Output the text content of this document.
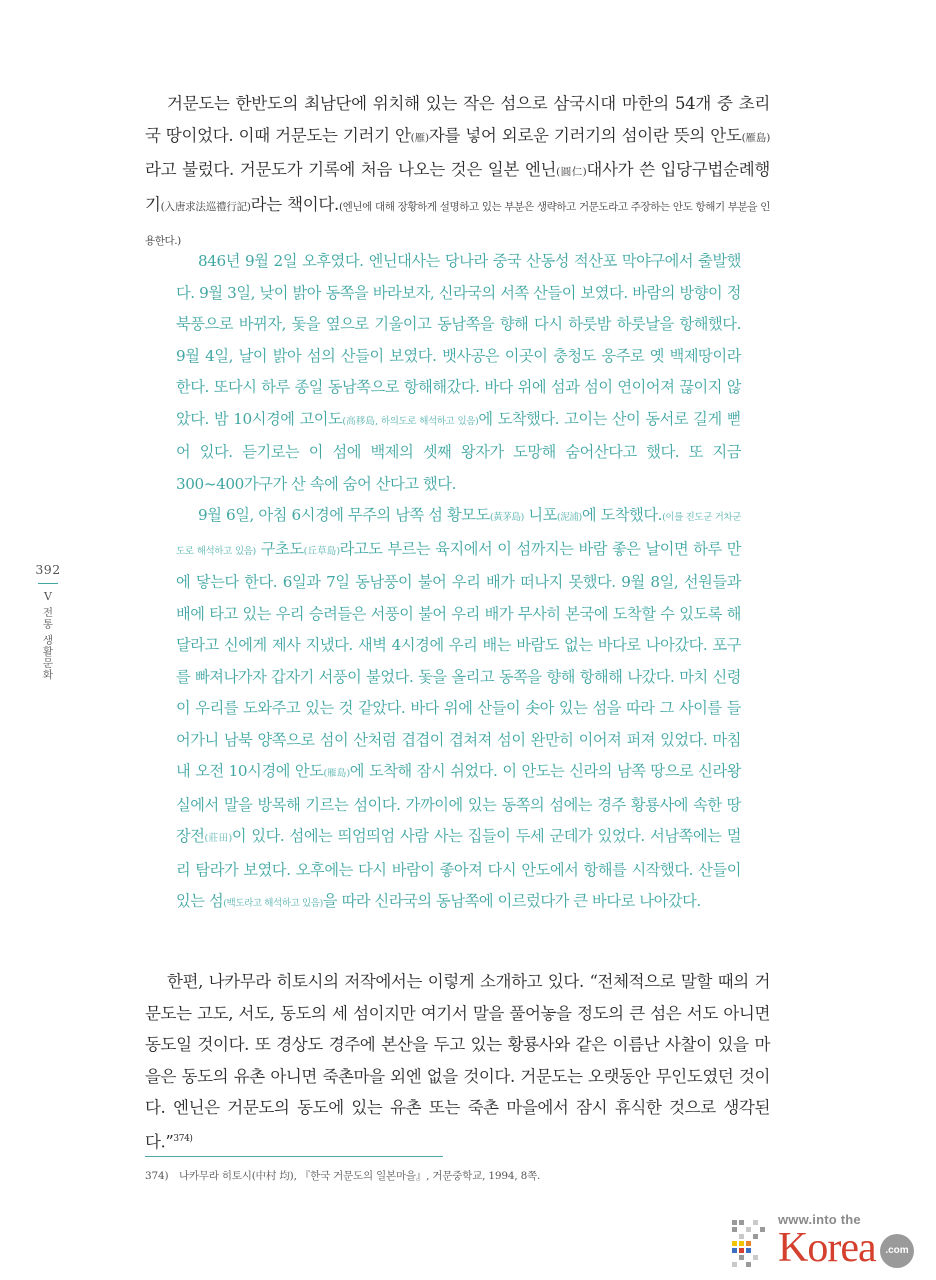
거문도는 한반도의 최남단에 위치해 있는 작은 섬으로 삼국시대 마한의 54개 중 초리국 땅이었다. 이때 거문도는 기러기 안(雁)자를 넣어 외로운 기러기의 섬이란 뜻의 안도(雁島)라고 불렀다. 거문도가 기록에 처음 나오는 것은 일본 엔닌(圓仁)대사가 쓴 입당구법순례행기(入唐求法巡禮行記)라는 책이다.(엔닌에 대해 장황하게 설명하고 있는 부분은 생략하고 거문도라고 주장하는 안도 항해기 부분을 인용한다.)

846년 9월 2일 오후였다. 엔닌대사는 당나라 중국 산동성 적산포 막야구에서 출발했다. 9월 3일, 낮이 밝아 동쪽을 바라보자, 신라국의 서쪽 산들이 보였다. 바람의 방향이 정북풍으로 바뀌자, 돛을 옆으로 기울이고 동남쪽을 향해 다시 하룻밤 하룻날을 항해했다. 9월 4일, 날이 밝아 섬의 산들이 보였다. 뱃사공은 이곳이 충청도 웅주로 옛 백제땅이라 한다. 또다시 하루 종일 동남쪽으로 항해해갔다. 바다 위에 섬과 섬이 연이어져 끊이지 않았다. 밤 10시경에 고이도(高移島, 하의도로 해석하고 있음)에 도착했다. 고이는 산이 동서로 길게 뻗어 있다. 듣기로는 이 섬에 백제의 셋째 왕자가 도망해 숨어산다고 했다. 또 지금 300~400가구가 산 속에 숨어 산다고 했다.

9월 6일, 아침 6시경에 무주의 남쪽 섬 황모도(黃茅島) 니포(泥浦)에 도착했다.(이를 진도군 거차군도로 해석하고 있음) 구초도(丘草島)라고도 부르는 육지에서 이 섬까지는 바람 좋은 날이면 하루 만에 닿는다 한다. 6일과 7일 동남풍이 불어 우리 배가 떠나지 못했다. 9월 8일, 선원들과 배에 타고 있는 우리 승려들은 서풍이 불어 우리 배가 무사히 본국에 도착할 수 있도록 해달라고 신에게 제사 지냈다. 새벽 4시경에 우리 배는 바람도 없는 바다로 나아갔다. 포구를 빠져나가자 갑자기 서풍이 불었다. 돛을 올리고 동쪽을 향해 항해해 나갔다. 마치 신령이 우리를 도와주고 있는 것 같았다. 바다 위에 산들이 솟아 있는 섬을 따라 그 사이를 들어가니 남북 양쪽으로 섬이 산처럼 겹겹이 겹쳐져 섬이 완만히 이어져 퍼져 있었다. 마침내 오전 10시경에 안도(雁島)에 도착해 잠시 쉬었다. 이 안도는 신라의 남쪽 땅으로 신라왕실에서 말을 방목해 기르는 섬이다. 가까이에 있는 동쪽의 섬에는 경주 황룡사에 속한 땅 장전(莊田)이 있다. 섬에는 띄엄띄엄 사람 사는 집들이 두세 군데가 있었다. 서남쪽에는 멀리 탐라가 보였다. 오후에는 다시 바람이 좋아져 다시 안도에서 항해를 시작했다. 산들이 있는 섬(백도라고 해석하고 있음)을 따라 신라국의 동남쪽에 이르렀다가 큰 바다로 나아갔다.

한편, 나카무라 히토시의 저작에서는 이렇게 소개하고 있다. “전체적으로 말할 때의 거문도는 고도, 서도, 동도의 세 섬이지만 여기서 말을 풀어놓을 정도의 큰 섬은 서도 아니면 동도일 것이다. 또 경상도 경주에 본산을 두고 있는 황룡사와 같은 이름난 사찰이 있을 마을은 동도의 유촌 아니면 죽촌마을 외엔 없을 것이다. 거문도는 오랫동안 무인도였던 것이다. 엔닌은 거문도의 동도에 있는 유촌 또는 죽촌 마을에서 잠시 휴식한 것으로 생각된다.”$^{374)}$

374) 나카무라 히토시(中村 均), 『한국 거문도의 일본마을』, 거문중학교, 1994, 8쪽.
392
V
전통 생활문화
www.into the
Korea .com
